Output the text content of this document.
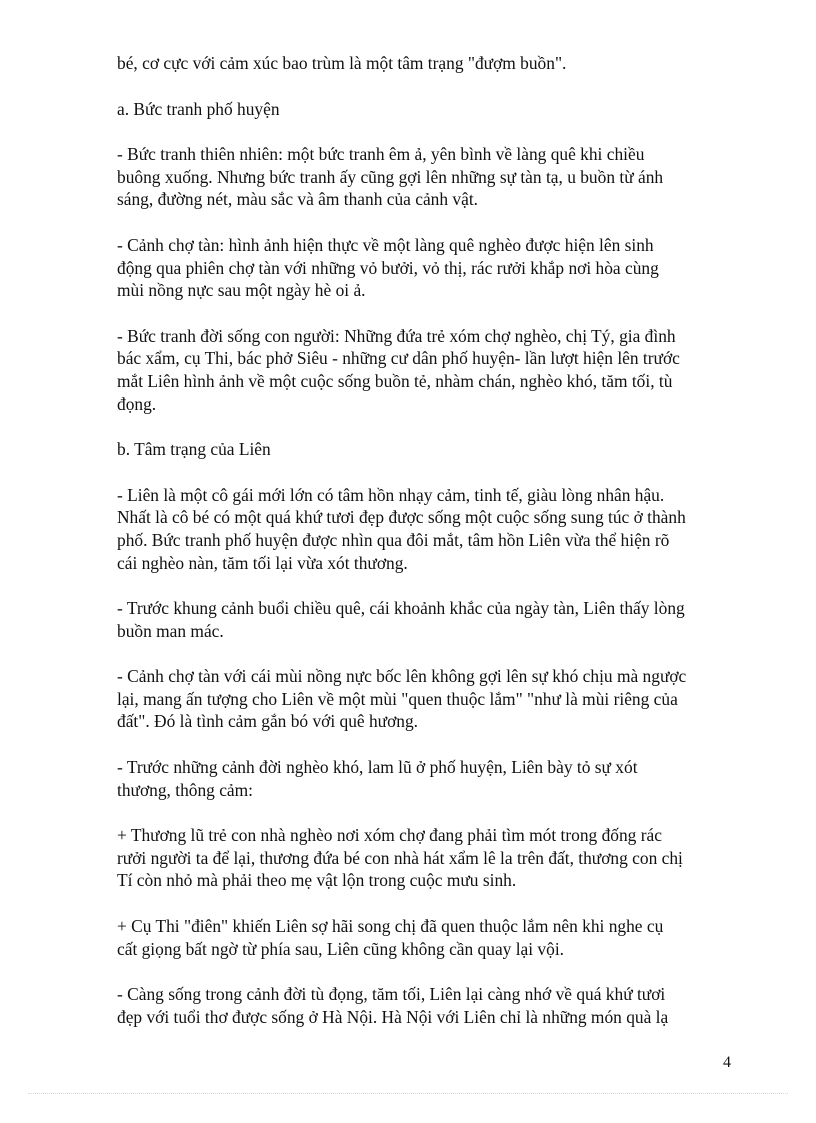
bé, cơ cực với cảm xúc bao trùm là một tâm trạng "đượm buồn".

a. Bức tranh phố huyện

- Bức tranh thiên nhiên: một bức tranh êm ả, yên bình về làng quê khi chiều
buông xuống. Nhưng bức tranh ấy cũng gợi lên những sự tàn tạ, u buồn từ ánh
sáng, đường nét, màu sắc và âm thanh của cảnh vật.

- Cảnh chợ tàn: hình ảnh hiện thực về một làng quê nghèo được hiện lên sinh
động qua phiên chợ tàn với những vỏ bưởi, vỏ thị, rác rưởi khắp nơi hòa cùng
mùi nồng nực sau một ngày hè oi ả.

- Bức tranh đời sống con người: Những đứa trẻ xóm chợ nghèo, chị Tý, gia đình
bác xẩm, cụ Thi, bác phở Siêu - những cư dân phố huyện- lần lượt hiện lên trước
mắt Liên hình ảnh về một cuộc sống buồn tẻ, nhàm chán, nghèo khó, tăm tối, tù
đọng.

b. Tâm trạng của Liên

- Liên là một cô gái mới lớn có tâm hồn nhạy cảm, tinh tế, giàu lòng nhân hậu.
Nhất là cô bé có một quá khứ tươi đẹp được sống một cuộc sống sung túc ở thành
phố. Bức tranh phố huyện được nhìn qua đôi mắt, tâm hồn Liên vừa thể hiện rõ
cái nghèo nàn, tăm tối lại vừa xót thương.

- Trước khung cảnh buổi chiều quê, cái khoảnh khắc của ngày tàn, Liên thấy lòng
buồn man mác.

- Cảnh chợ tàn với cái mùi nồng nực bốc lên không gợi lên sự khó chịu mà ngược
lại, mang ấn tượng cho Liên về một mùi "quen thuộc lắm" "như là mùi riêng của
đất". Đó là tình cảm gắn bó với quê hương.

- Trước những cảnh đời nghèo khó, lam lũ ở phố huyện, Liên bày tỏ sự xót
thương, thông cảm:

+ Thương lũ trẻ con nhà nghèo nơi xóm chợ đang phải tìm mót trong đống rác
rưởi người ta để lại, thương đứa bé con nhà hát xẩm lê la trên đất, thương con chị
Tí còn nhỏ mà phải theo mẹ vật lộn trong cuộc mưu sinh.

+ Cụ Thi "điên" khiến Liên sợ hãi song chị đã quen thuộc lắm nên khi nghe cụ
cất giọng bất ngờ từ phía sau, Liên cũng không cần quay lại vội.

- Càng sống trong cảnh đời tù đọng, tăm tối, Liên lại càng nhớ về quá khứ tươi
đẹp với tuổi thơ được sống ở Hà Nội. Hà Nội với Liên chỉ là những món quà lạ

4
